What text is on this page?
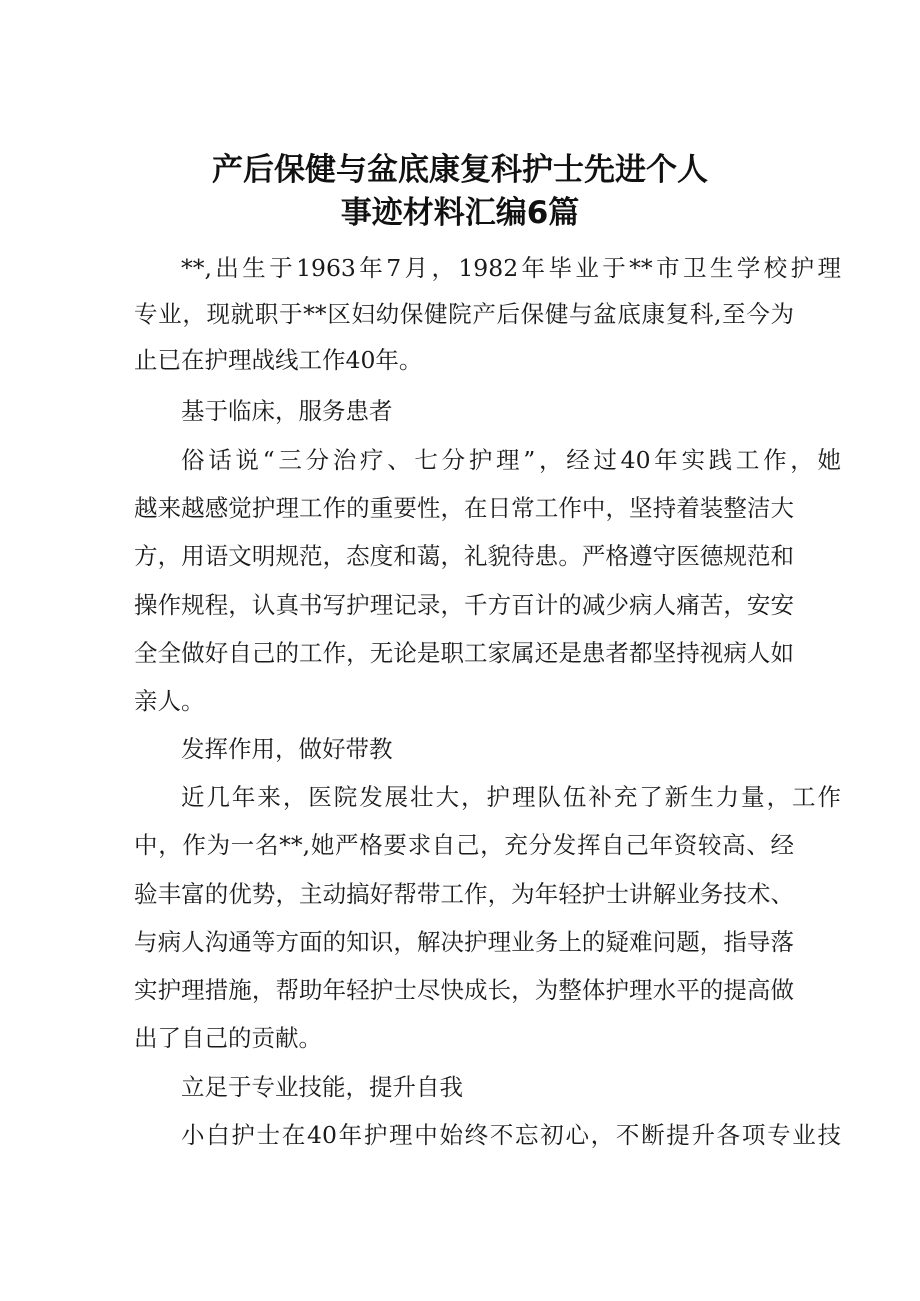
产后保健与盆底康复科护士先进个人
事迹材料汇编6篇

**,出生于1963年7月，1982年毕业于**市卫生学校护理

专业，现就职于**区妇幼保健院产后保健与盆底康复科,至今为

止已在护理战线工作40年。

基于临床，服务患者

俗话说“三分治疗、七分护理”，经过40年实践工作，她

越来越感觉护理工作的重要性，在日常工作中，坚持着装整洁大

方，用语文明规范，态度和蔼，礼貌待患。严格遵守医德规范和

操作规程，认真书写护理记录，千方百计的减少病人痛苦，安安

全全做好自己的工作，无论是职工家属还是患者都坚持视病人如

亲人。

发挥作用，做好带教

近几年来，医院发展壮大，护理队伍补充了新生力量，工作

中，作为一名**,她严格要求自己，充分发挥自己年资较高、经

验丰富的优势，主动搞好帮带工作，为年轻护士讲解业务技术、

与病人沟通等方面的知识，解决护理业务上的疑难问题，指导落

实护理措施，帮助年轻护士尽快成长，为整体护理水平的提高做

出了自己的贡献。

立足于专业技能，提升自我

小白护士在40年护理中始终不忘初心，不断提升各项专业技
